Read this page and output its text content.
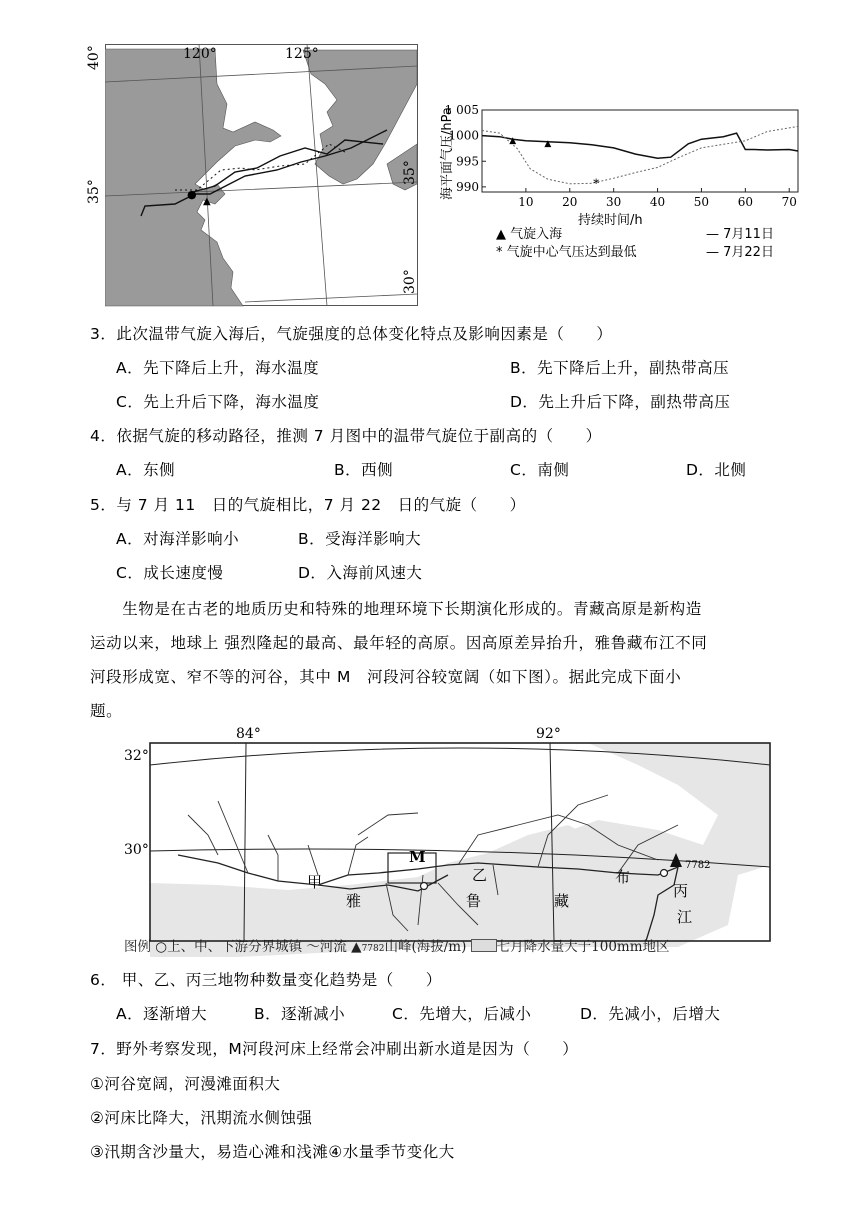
▲
●
120°	125°
40°
35°
35°
30°
1 005
1000
995
990
10 20 30 40 50 60 70
▲	▲
*
海平面气压/hPa
持续时间/h
▲ 气旋入海
* 气旋中心气压达到最低
— 7月11日
— 7月22日
3．此次温带气旋入海后，气旋强度的总体变化特点及影响因素是（　　）
A．先下降后上升，海水温度	B．先下降后上升，副热带高压
C．先上升后下降，海水温度	D．先上升后下降，副热带高压
4．依据气旋的移动路径，推测 7 月图中的温带气旋位于副高的（　　）
A．东侧	B．西侧	C．南侧	D．北侧
5．与 7 月 11　日的气旋相比，7 月 22　日的气旋（　　）
A．对海洋影响小	B．受海洋影响大
C．成长速度慢	D．入海前风速大
　　生物是在古老的地质历史和特殊的地理环境下长期演化形成的。青藏高原是新构造
运动以来，地球上 强烈隆起的最高、最年轻的高原。因高原差异抬升，雅鲁藏布江不同
河段形成宽、窄不等的河谷，其中 M　河段河谷较宽阔（如下图）。据此完成下面小
题。
32°
30°
84°	92°
M
甲	乙
丙
雅	鲁	藏
布
江
7782
图例 ○上、中、下游分界城镇 〜河流 ▲7782山峰(海拔/m) 七月降水量大于100mm地区
6． 甲、乙、丙三地物种数量变化趋势是（　　）
A．逐渐增大	B．逐渐减小	C．先增大，后减小	D．先减小，后增大
7．野外考察发现，M河段河床上经常会冲刷出新水道是因为（　　）
①河谷宽阔，河漫滩面积大
②河床比降大，汛期流水侧蚀强
③汛期含沙量大，易造心滩和浅滩④水量季节变化大
